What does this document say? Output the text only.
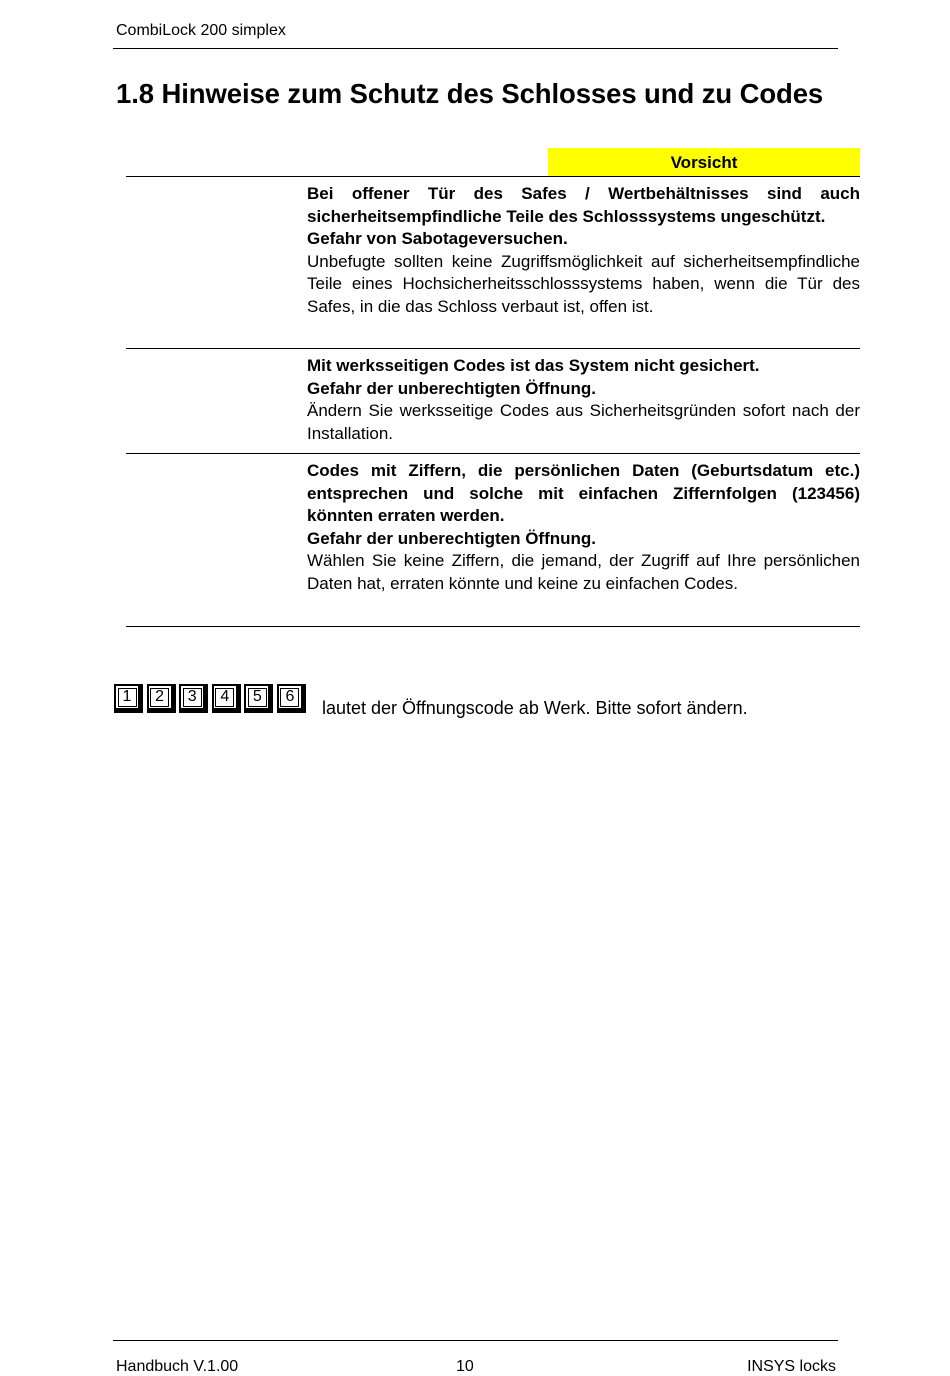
CombiLock 200 simplex
1.8 Hinweise zum Schutz des Schlosses und zu Codes
Vorsicht

Bei offener Tür des Safes / Wertbehältnisses sind auch sicherheitsempfindliche Teile des Schlosssystems ungeschützt.

Gefahr von Sabotageversuchen.

Unbefugte sollten keine Zugriffsmöglichkeit auf sicherheitsempfindliche Teile eines Hochsicherheitsschlosssystems haben, wenn die Tür des Safes, in die das Schloss verbaut ist, offen ist.

Mit werksseitigen Codes ist das System nicht gesichert.

Gefahr der unberechtigten Öffnung.

Ändern Sie werksseitige Codes aus Sicherheitsgründen sofort nach der Installation.

Codes mit Ziffern, die persönlichen Daten (Geburtsdatum etc.) entsprechen und solche mit einfachen Ziffernfolgen (123456) könnten erraten werden.

Gefahr der unberechtigten Öffnung.

Wählen Sie keine Ziffern, die jemand, der Zugriff auf Ihre persönlichen Daten hat, erraten könnte und keine zu einfachen Codes.

1	2	3	4	5	6
lautet der Öffnungscode ab Werk. Bitte sofort ändern.
Handbuch V.1.00	10	INSYS locks
